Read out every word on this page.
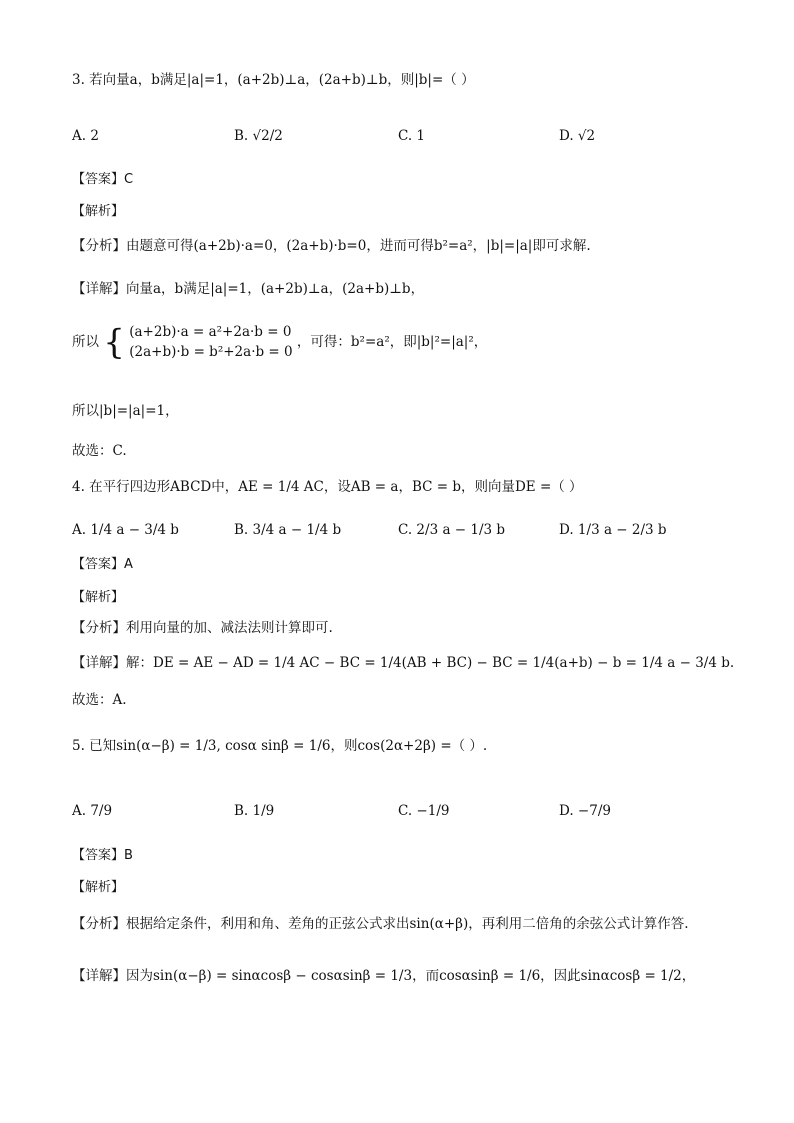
3. 若向量a，b满足|a|=1，(a+2b)⊥a，(2a+b)⊥b，则|b|=（ ）
A. 2	B. √2/2	C. 1	D. √2
【答案】C
【解析】
【分析】由题意可得(a+2b)·a=0，(2a+b)·b=0，进而可得b²=a²，|b|=|a|即可求解.
【详解】向量a，b满足|a|=1，(a+2b)⊥a，(2a+b)⊥b，
所以 { (a+2b)·a = a²+2a·b = 0
(2a+b)·b = b²+2a·b = 0
，可得：b²=a²，即|b|²=|a|²，
所以|b|=|a|=1，
故选：C.
4. 在平行四边形ABCD中，AE = 1/4 AC，设AB = a，BC = b，则向量DE =（ ）
A. 1/4 a − 3/4 b	B. 3/4 a − 1/4 b	C. 2/3 a − 1/3 b	D. 1/3 a − 2/3 b
【答案】A
【解析】
【分析】利用向量的加、减法法则计算即可.
【详解】解：DE = AE − AD = 1/4 AC − BC = 1/4(AB + BC) − BC = 1/4(a+b) − b = 1/4 a − 3/4 b.
故选：A.
5. 已知sin(α−β) = 1/3, cosα sinβ = 1/6，则cos(2α+2β) =（ ）.
A. 7/9	B. 1/9	C. −1/9	D. −7/9
【答案】B
【解析】
【分析】根据给定条件，利用和角、差角的正弦公式求出sin(α+β)，再利用二倍角的余弦公式计算作答.
【详解】因为sin(α−β) = sinαcosβ − cosαsinβ = 1/3，而cosαsinβ = 1/6，因此sinαcosβ = 1/2，
